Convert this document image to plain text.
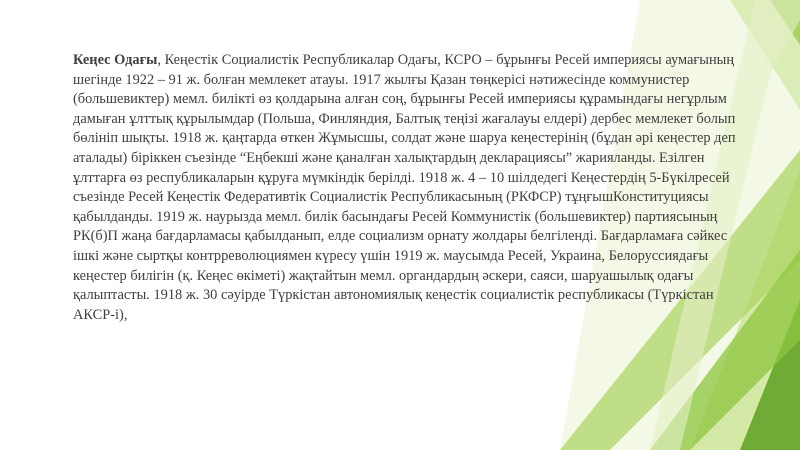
Кеңес Одағы, Кеңестік Социалистік Республикалар Одағы, КСРО – бұрынғы Ресей империясы аумағының шегінде 1922 – 91 ж. болған мемлекет атауы. 1917 жылғы Қазан төңкерісі нәтижесінде коммунистер (большевиктер) мемл. билікті өз қолдарына алған соң, бұрынғы Ресей империясы құрамындағы негұрлым дамыған ұлттық құрылымдар (Польша, Финляндия, Балтық теңізі жағалауы елдері) дербес мемлекет болып бөлініп шықты. 1918 ж. қаңтарда өткен Жұмысшы, солдат және шаруа кеңестерінің (бұдан әрі кеңестер деп аталады) біріккен съезінде “Еңбекші және қаналған халықтардың декларациясы” жарияланды. Езілген ұлттарға өз республикаларын құруға мүмкіндік берілді. 1918 ж. 4 – 10 шілдедегі Кеңестердің 5-Бүкілресей съезінде Ресей Кеңестік Федеративтік Социалистік Республикасының (РКФСР) тұңғышКонституциясы қабылданды. 1919 ж. наурызда мемл. билік басындағы Ресей Коммунистік (большевиктер) партиясының РК(б)П жаңа бағдарламасы қабылданып, елде социализм орнату жолдары белгіленді. Бағдарламаға сәйкес ішкі және сыртқы контрреволюциямен күресу үшін 1919 ж. маусымда Ресей, Украина, Белоруссиядағы кеңестер билігін (қ. Кеңес өкіметі) жақтайтын мемл. органдардың әскери, саяси, шаруашылық одағы қалыптасты. 1918 ж. 30 сәуірде Түркістан автономиялық кеңестік социалистік республикасы (Түркістан АКСР-і),
